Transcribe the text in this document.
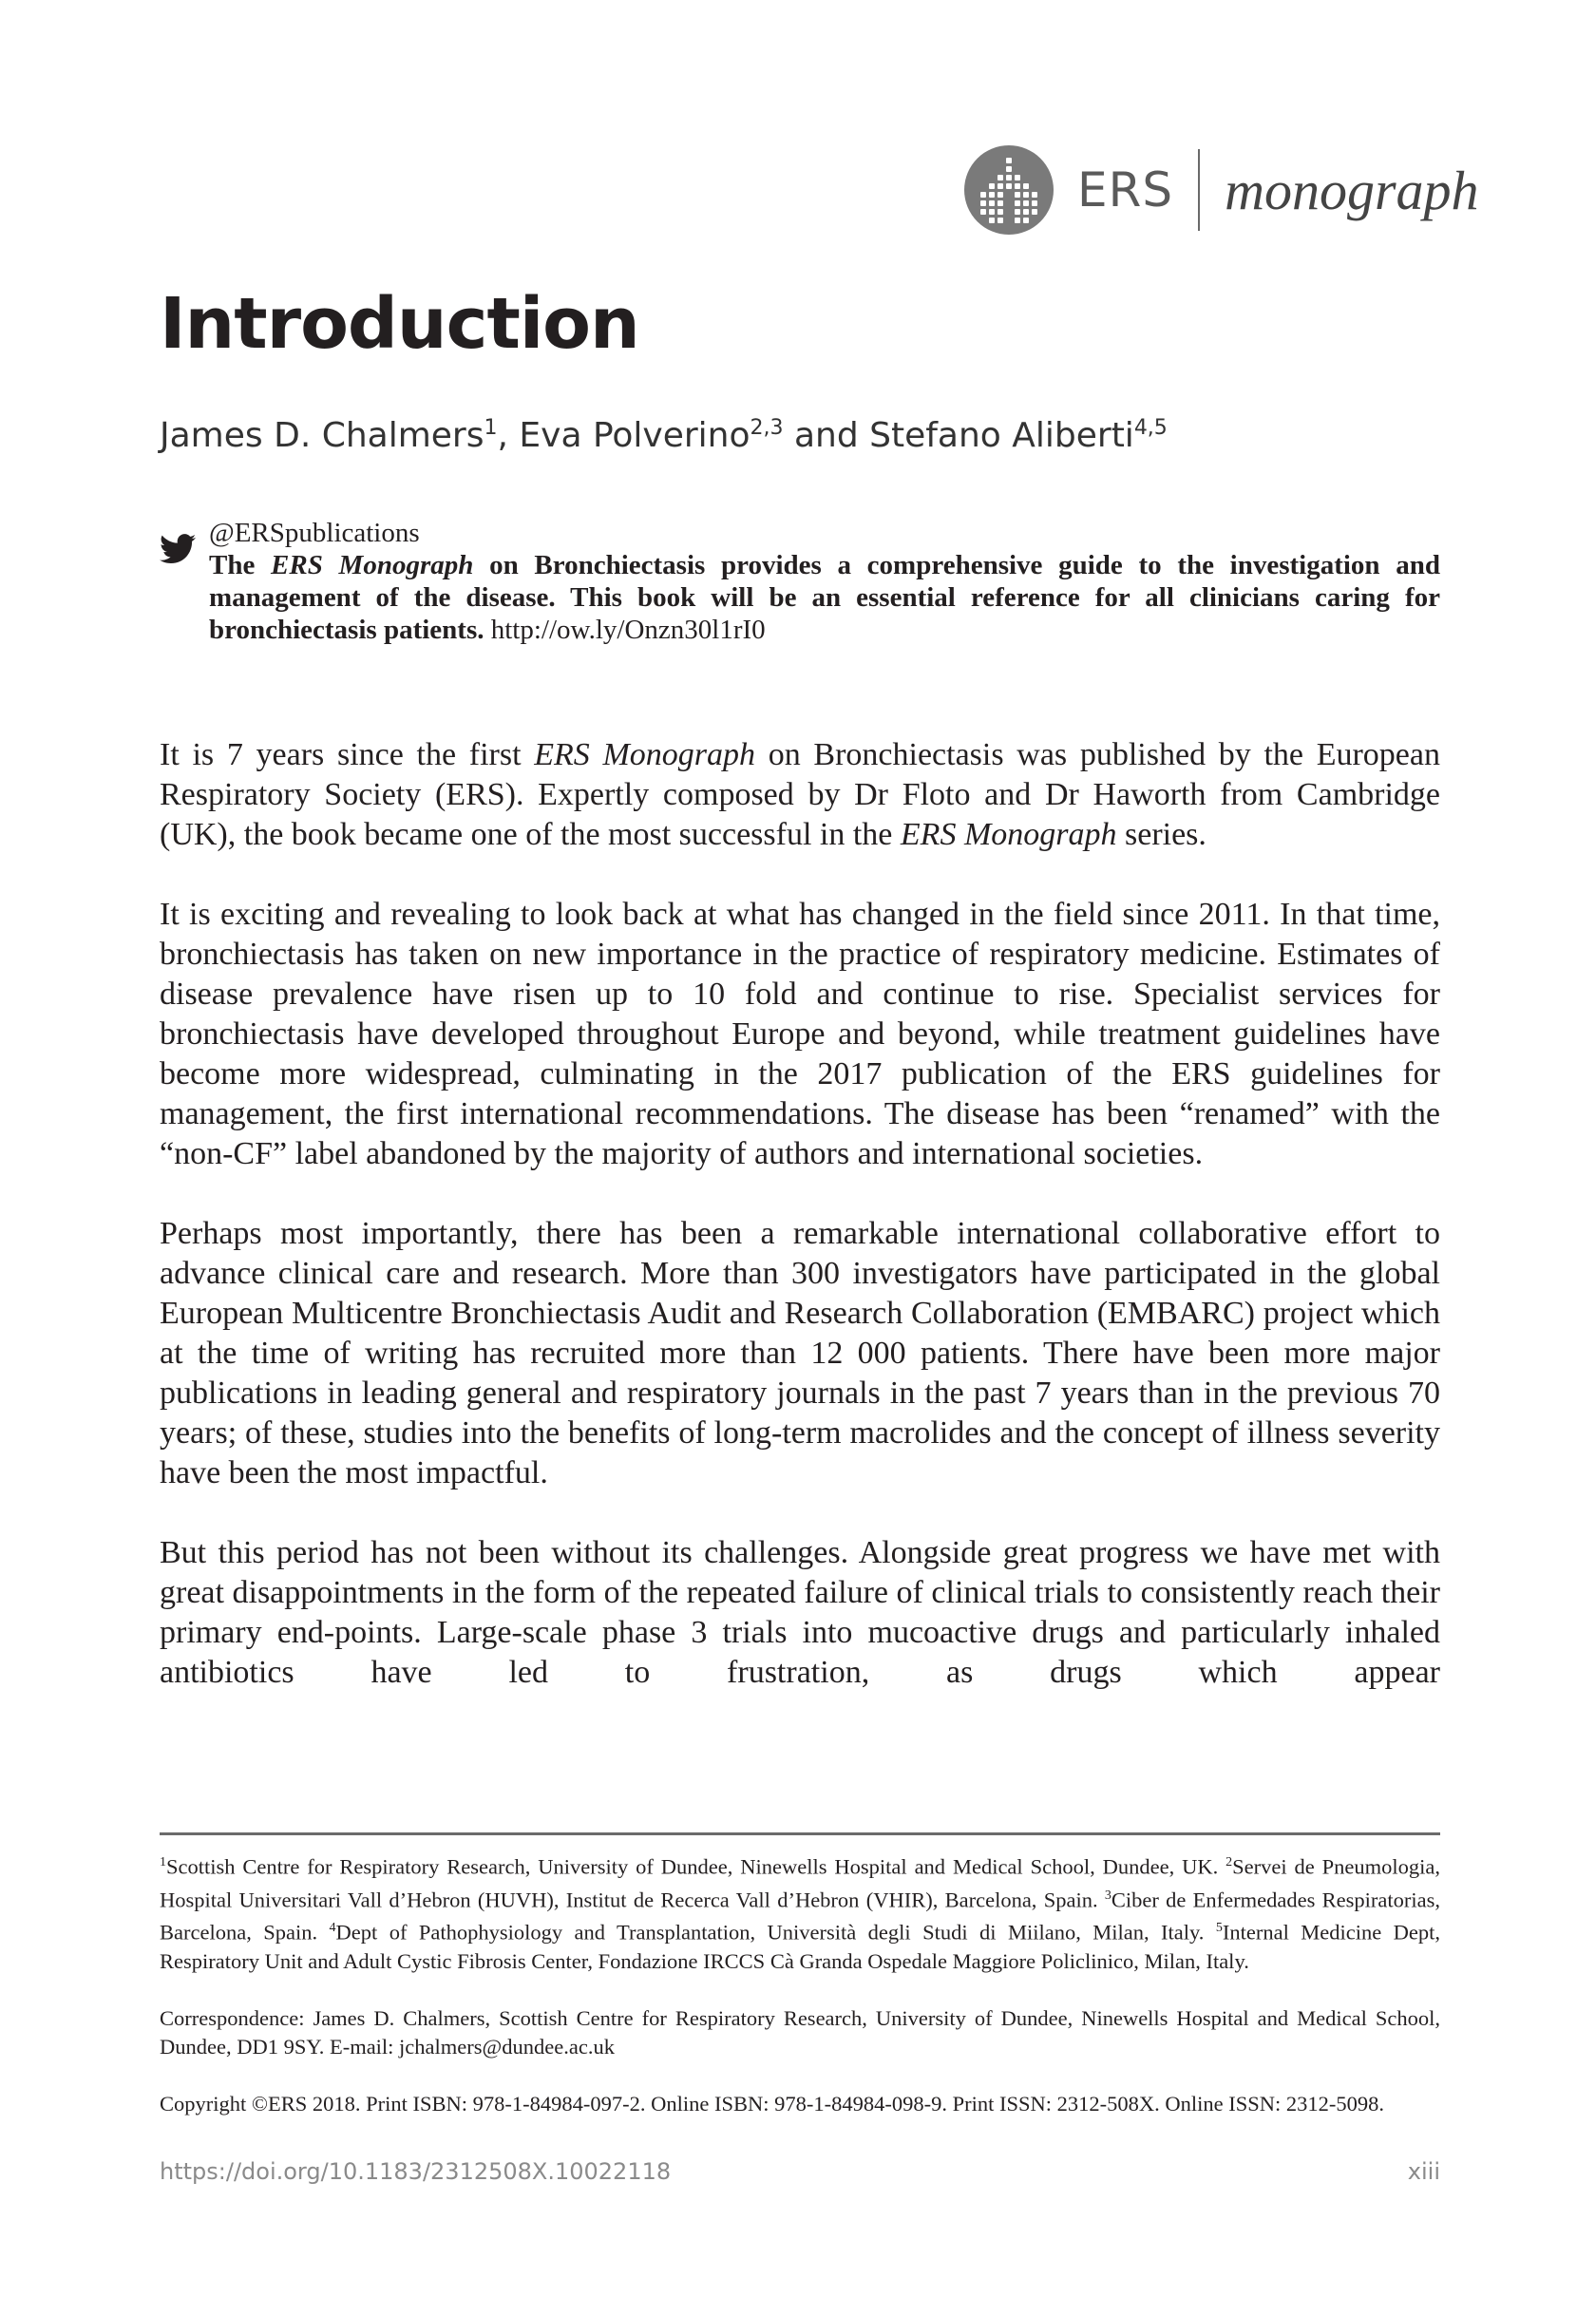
ERS monograph
Introduction
James D. Chalmers$^1$, Eva Polverino$^{2,3}$ and Stefano Aliberti$^{4,5}$
@ERSpublications
The ERS Monograph on Bronchiectasis provides a comprehensive guide to the investigation and management of the disease. This book will be an essential reference for all clinicians caring for bronchiectasis patients. http://ow.ly/Onzn30l1rI0

It is 7 years since the first ERS Monograph on Bronchiectasis was published by the European Respiratory Society (ERS). Expertly composed by Dr Floto and Dr Haworth from Cambridge (UK), the book became one of the most successful in the ERS Monograph series.

It is exciting and revealing to look back at what has changed in the field since 2011. In that time, bronchiectasis has taken on new importance in the practice of respiratory medicine. Estimates of disease prevalence have risen up to 10 fold and continue to rise. Specialist services for bronchiectasis have developed throughout Europe and beyond, while treatment guidelines have become more widespread, culminating in the 2017 publication of the ERS guidelines for management, the first international recommendations. The disease has been “renamed” with the “non-CF” label abandoned by the majority of authors and international societies.

Perhaps most importantly, there has been a remarkable international collaborative effort to advance clinical care and research. More than 300 investigators have participated in the global European Multicentre Bronchiectasis Audit and Research Collaboration (EMBARC) project which at the time of writing has recruited more than 12 000 patients. There have been more major publications in leading general and respiratory journals in the past 7 years than in the previous 70 years; of these, studies into the benefits of long-term macrolides and the concept of illness severity have been the most impactful.

But this period has not been without its challenges. Alongside great progress we have met with great disappointments in the form of the repeated failure of clinical trials to consistently reach their primary end-points. Large-scale phase 3 trials into mucoactive drugs and particularly inhaled antibiotics have led to frustration, as drugs which appear

$^1$Scottish Centre for Respiratory Research, University of Dundee, Ninewells Hospital and Medical School, Dundee, UK. $^2$Servei de Pneumologia, Hospital Universitari Vall d’Hebron (HUVH), Institut de Recerca Vall d’Hebron (VHIR), Barcelona, Spain. $^3$Ciber de Enfermedades Respiratorias, Barcelona, Spain. $^4$Dept of Pathophysiology and Transplantation, Università degli Studi di Miilano, Milan, Italy. $^5$Internal Medicine Dept, Respiratory Unit and Adult Cystic Fibrosis Center, Fondazione IRCCS Cà Granda Ospedale Maggiore Policlinico, Milan, Italy.

Correspondence: James D. Chalmers, Scottish Centre for Respiratory Research, University of Dundee, Ninewells Hospital and Medical School, Dundee, DD1 9SY. E-mail: jchalmers@dundee.ac.uk

Copyright ©ERS 2018. Print ISBN: 978-1-84984-097-2. Online ISBN: 978-1-84984-098-9. Print ISSN: 2312-508X. Online ISSN: 2312-5098.

https://doi.org/10.1183/2312508X.10022118	xiii
